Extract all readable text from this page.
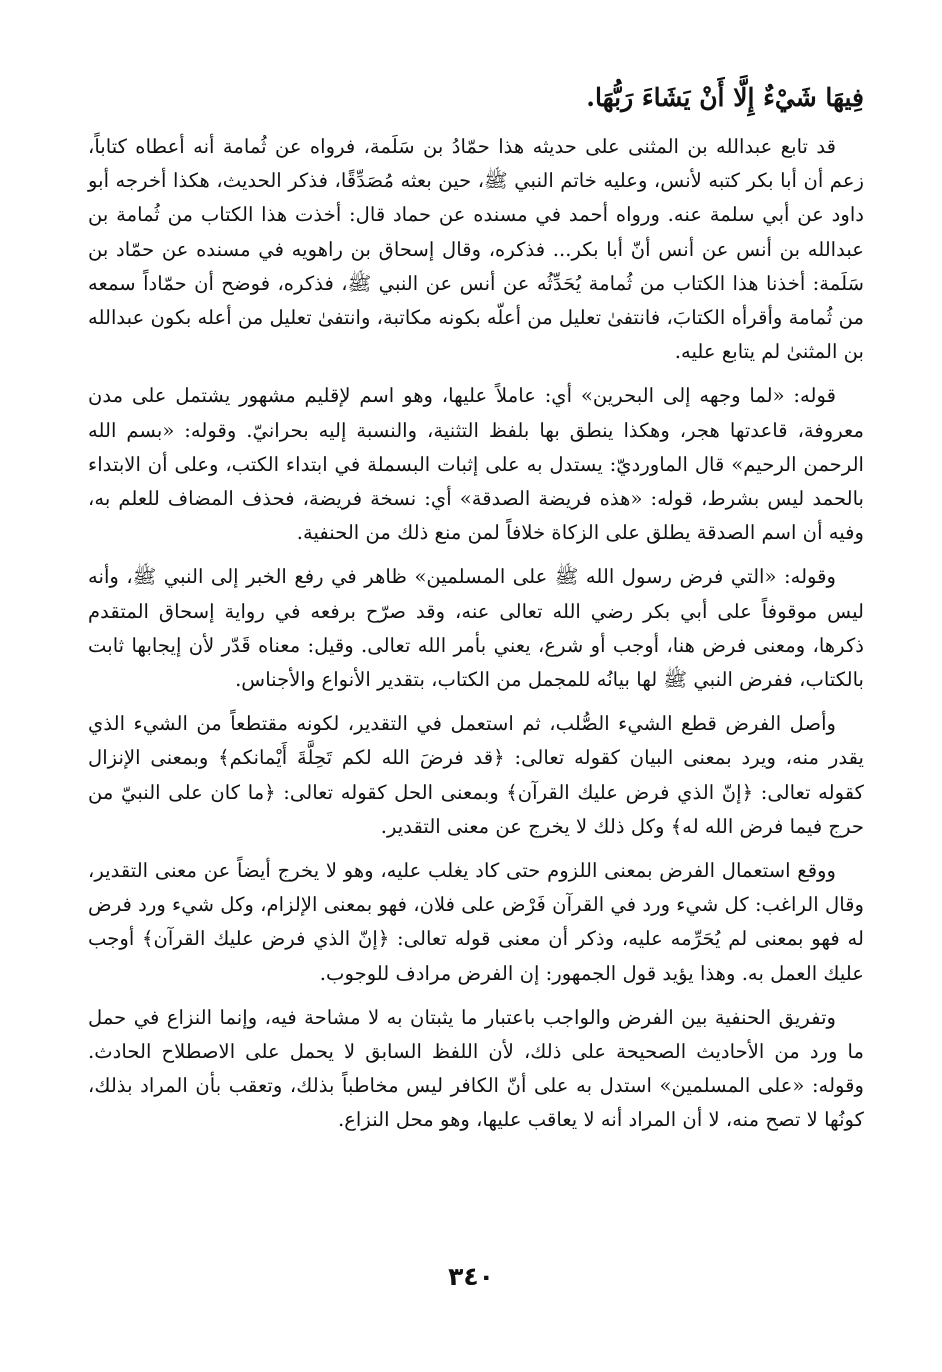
فِيهَا شَيْءٌ إِلَّا أَنْ يَشَاءَ رَبُّهَا.

قد تابع عبدالله بن المثنى على حديثه هذا حمّادُ بن سَلَمة، فرواه عن ثُمامة أنه أعطاه كتاباً، زعم أن أبا بكر كتبه لأنس، وعليه خاتم النبي ﷺ، حين بعثه مُصَدِّقًا، فذكر الحديث، هكذا أخرجه أبو داود عن أبي سلمة عنه. ورواه أحمد في مسنده عن حماد قال: أخذت هذا الكتاب من ثُمامة بن عبدالله بن أنس عن أنس أنّ أبا بكر... فذكره، وقال إسحاق بن راهويه في مسنده عن حمّاد بن سَلَمة: أخذنا هذا الكتاب من ثُمامة يُحَدِّثُه عن أنس عن النبي ﷺ، فذكره، فوضح أن حمّاداً سمعه من ثُمامة وأقرأه الكتابَ، فانتفىٰ تعليل من أعلّه بكونه مكاتبة، وانتفىٰ تعليل من أعله بكون عبدالله بن المثنىٰ لم يتابع عليه.

قوله: «لما وجهه إلى البحرين» أي: عاملاً عليها، وهو اسم لإقليم مشهور يشتمل على مدن معروفة، قاعدتها هجر، وهكذا ينطق بها بلفظ التثنية، والنسبة إليه بحرانيّ. وقوله: «بسم الله الرحمن الرحيم» قال الماورديّ: يستدل به على إثبات البسملة في ابتداء الكتب، وعلى أن الابتداء بالحمد ليس بشرط، قوله: «هذه فريضة الصدقة» أي: نسخة فريضة، فحذف المضاف للعلم به، وفيه أن اسم الصدقة يطلق على الزكاة خلافاً لمن منع ذلك من الحنفية.

وقوله: «التي فرض رسول الله ﷺ على المسلمين» ظاهر في رفع الخبر إلى النبي ﷺ، وأنه ليس موقوفاً على أبي بكر رضي الله تعالى عنه، وقد صرّح برفعه في رواية إسحاق المتقدم ذكرها، ومعنى فرض هنا، أوجب أو شرع، يعني بأمر الله تعالى. وقيل: معناه قَدّر لأن إيجابها ثابت بالكتاب، ففرض النبي ﷺ لها بيانُه للمجمل من الكتاب، بتقدير الأنواع والأجناس.

وأصل الفرض قطع الشيء الصُّلب، ثم استعمل في التقدير، لكونه مقتطعاً من الشيء الذي يقدر منه، ويرد بمعنى البيان كقوله تعالى: ﴿قد فرضَ الله لكم تَحِلَّةَ أَيْمانكم﴾ وبمعنى الإنزال كقوله تعالى: ﴿إنّ الذي فرض عليك القرآن﴾ وبمعنى الحل كقوله تعالى: ﴿ما كان على النبيّ من حرج فيما فرض الله له﴾ وكل ذلك لا يخرج عن معنى التقدير.

ووقع استعمال الفرض بمعنى اللزوم حتى كاد يغلب عليه، وهو لا يخرج أيضاً عن معنى التقدير، وقال الراغب: كل شيء ورد في القرآن فَرْض على فلان، فهو بمعنى الإلزام، وكل شيء ورد فرض له فهو بمعنى لم يُحَرِّمه عليه، وذكر أن معنى قوله تعالى: ﴿إنّ الذي فرض عليك القرآن﴾ أوجب عليك العمل به. وهذا يؤيد قول الجمهور: إن الفرض مرادف للوجوب.

وتفريق الحنفية بين الفرض والواجب باعتبار ما يثبتان به لا مشاحة فيه، وإنما النزاع في حمل ما ورد من الأحاديث الصحيحة على ذلك، لأن اللفظ السابق لا يحمل على الاصطلاح الحادث. وقوله: «على المسلمين» استدل به على أنّ الكافر ليس مخاطباً بذلك، وتعقب بأن المراد بذلك، كونُها لا تصح منه، لا أن المراد أنه لا يعاقب عليها، وهو محل النزاع.

٣٤٠
